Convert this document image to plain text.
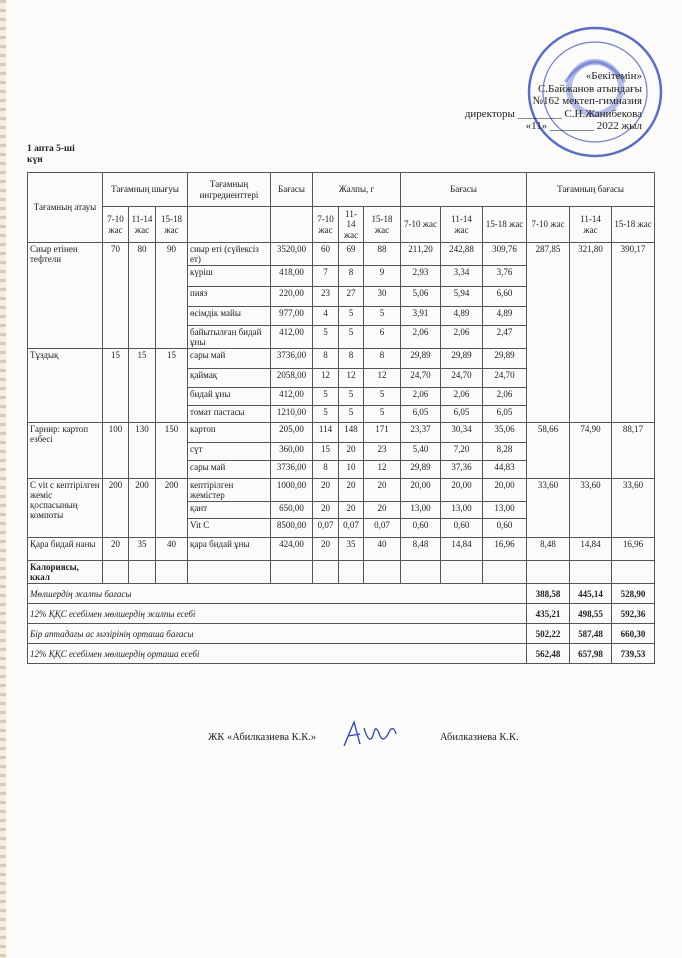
«Бекітемін»
С.Байжанов атындағы
№162 мектеп-гимназия
директоры ________ С.Н.Жанибекова
«11» ________ 2022 жыл
1 апта 5-ші күн
Тағамның атауы	Тағамның шығуы			Тағамның ингредиенттері	Бағасы	Жалпы, г			Бағасы			Тағамның бағасы		
	7-10 жас	11-14 жас	15-18 жас			7-10 жас	11-14 жас	15-18 жас	7-10 жас	11-14 жас	15-18 жас	7-10 жас	11-14 жас	15-18 жас
Сиыр етінен тефтели	70	80	90	сиыр еті (сүйексіз ет)	3520,00	60	69	88	211,20	242,88	309,76	287,85	321,80	390,17
				күріш	418,00	7	8	9	2,93	3,34	3,76			
				пияз	220,00	23	27	30	5,06	5,94	6,60			
				өсімдік майы	977,00	4	5	5	3,91	4,89	4,89			
				байытылған бидай ұны	412,00	5	5	6	2,06	2,06	2,47			
Тұздық	15	15	15	сары май	3736,00	8	8	8	29,89	29,89	29,89			
				қаймақ	2058,00	12	12	12	24,70	24,70	24,70			
				бидай ұны	412,00	5	5	5	2,06	2,06	2,06			
				томат пастасы	1210,00	5	5	5	6,05	6,05	6,05			
Гарнир: картоп езбесі	100	130	150	картоп	205,00	114	148	171	23,37	30,34	35,06	58,66	74,90	88,17
				сүт	360,00	15	20	23	5,40	7,20	8,28			
				сары май	3736,00	8	10	12	29,89	37,36	44,83			
C vit с кептірілген жеміс қоспасының компоты	200	200	200	кептірілген жемістер	1000,00	20	20	20	20,00	20,00	20,00	33,60	33,60	33,60
				қант	650,00	20	20	20	13,00	13,00	13,00			
				Vit C	8500,00	0,07	0,07	0,07	0,60	0,60	0,60			
Қара бидай наны	20	35	40	қара бидай ұны	424,00	20	35	40	8,48	14,84	16,96	8,48	14,84	16,96
Калориясы, ккал														
Мөлшердің жалпы бағасы												388,58	445,14	528,90
12% ҚҚС есебімен мөлшердің жалпы есебі												435,21	498,55	592,36
Бір аптадағы ас мәзірінің орташа бағасы												502,22	587,48	660,30
12% ҚҚС есебімен мөлшердің орташа есебі												562,48	657,98	739,53
ЖК «Абилказиева К.К.»	Абилказиева К.К.
